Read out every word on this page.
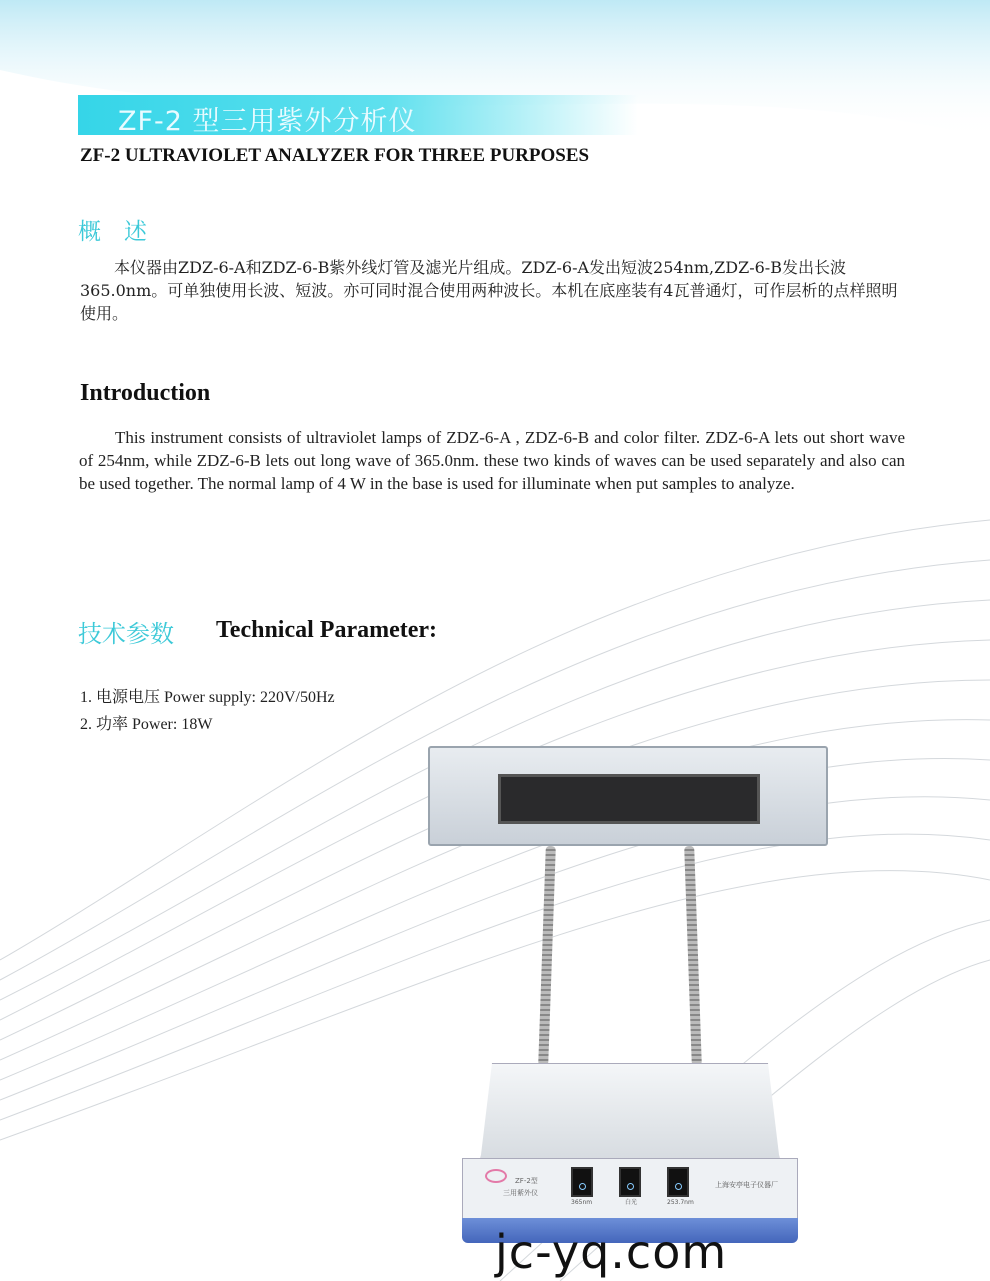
ZF-2 型三用紫外分析仪
ZF-2 ULTRAVIOLET ANALYZER FOR THREE PURPOSES
概　述

本仪器由ZDZ-6-A和ZDZ-6-B紫外线灯管及滤光片组成。ZDZ-6-A发出短波254nm,ZDZ-6-B发出长波365.0nm。可单独使用长波、短波。亦可同时混合使用两种波长。本机在底座装有4瓦普通灯，可作层析的点样照明使用。

Introduction

This instrument consists of ultraviolet lamps of ZDZ-6-A , ZDZ-6-B and color filter. ZDZ-6-A lets out short wave of 254nm, while ZDZ-6-B lets out long wave of 365.0nm. these two kinds of waves can be used separately and also can be used together. The normal lamp of 4 W in the base is used for illuminate when put samples to analyze.

技术参数 Technical Parameter:
1. 电源电压 Power supply: 220V/50Hz
2. 功率 Power: 18W
ZF-2型
三用紫外仪
365nm	白光	253.7nm
上海安亭电子仪器厂
jc-yq.com
